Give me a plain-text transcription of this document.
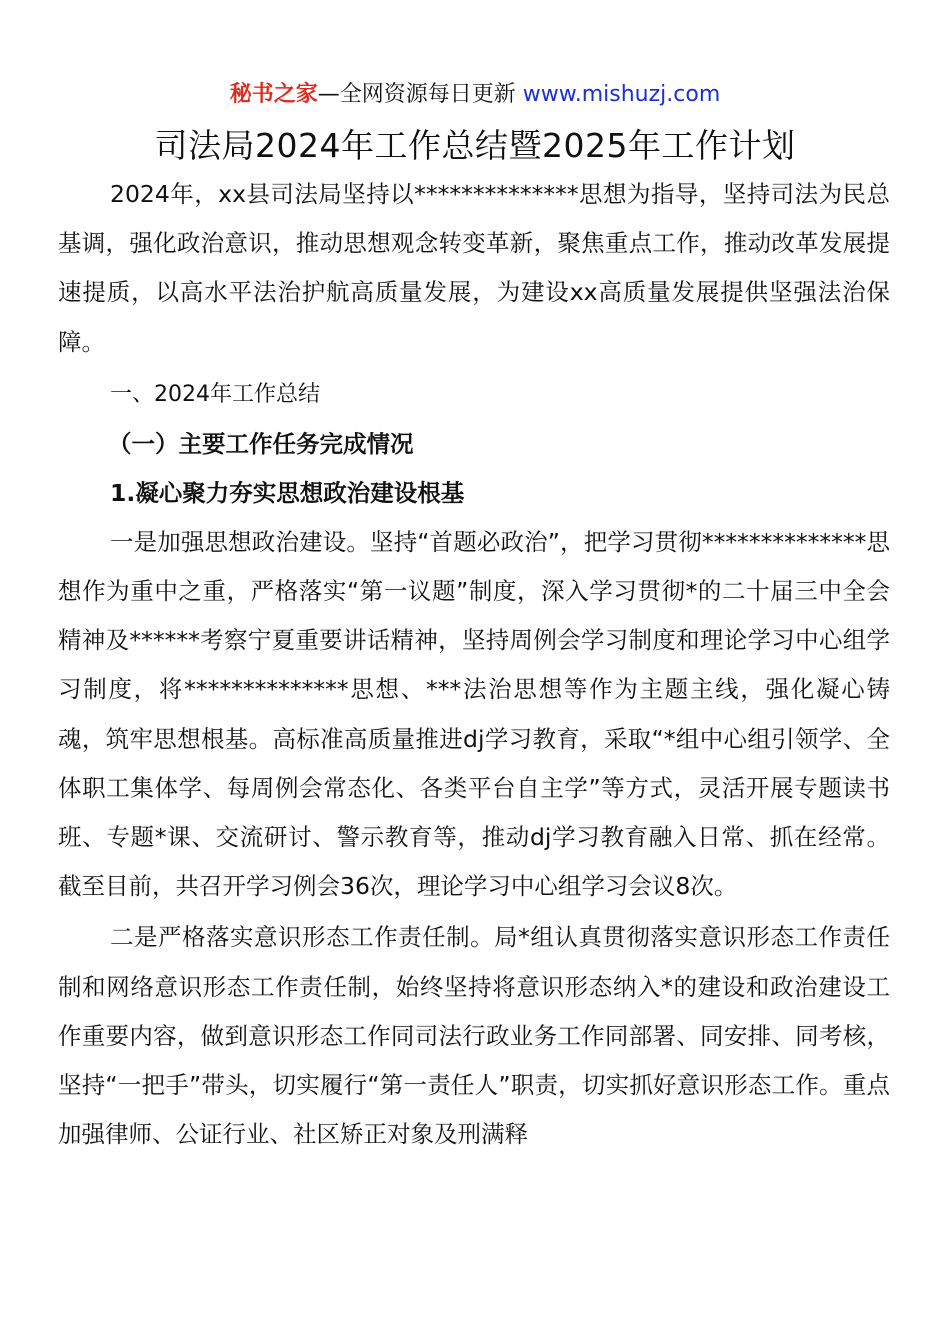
秘书之家—全网资源每日更新 www.mishuzj.com
司法局2024年工作总结暨2025年工作计划

2024年，xx县司法局坚持以**************思想为指导，坚持司法为民总基调，强化政治意识，推动思想观念转变革新，聚焦重点工作，推动改革发展提速提质，以高水平法治护航高质量发展，为建设xx高质量发展提供坚强法治保障。

一、2024年工作总结

（一）主要工作任务完成情况

1.凝心聚力夯实思想政治建设根基

一是加强思想政治建设。坚持“首题必政治”，把学习贯彻**************思想作为重中之重，严格落实“第一议题”制度，深入学习贯彻*的二十届三中全会精神及******考察宁夏重要讲话精神，坚持周例会学习制度和理论学习中心组学习制度，将**************思想、***法治思想等作为主题主线，强化凝心铸魂，筑牢思想根基。高标准高质量推进dj学习教育，采取“*组中心组引领学、全体职工集体学、每周例会常态化、各类平台自主学”等方式，灵活开展专题读书班、专题*课、交流研讨、警示教育等，推动dj学习教育融入日常、抓在经常。截至目前，共召开学习例会36次，理论学习中心组学习会议8次。

二是严格落实意识形态工作责任制。局*组认真贯彻落实意识形态工作责任制和网络意识形态工作责任制，始终坚持将意识形态纳入*的建设和政治建设工作重要内容，做到意识形态工作同司法行政业务工作同部署、同安排、同考核，坚持“一把手”带头，切实履行“第一责任人”职责，切实抓好意识形态工作。重点加强律师、公证行业、社区矫正对象及刑满释
